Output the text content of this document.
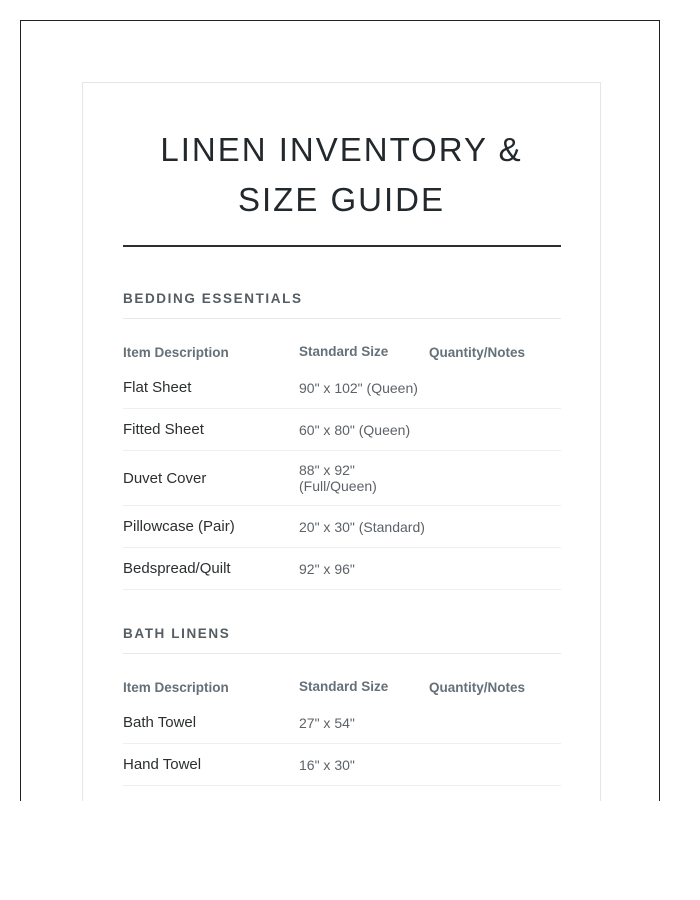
LINEN INVENTORY &
SIZE GUIDE
BEDDING ESSENTIALS
Item Description	Standard Size	Quantity/Notes
Flat Sheet	90" x 102" (Queen)
Fitted Sheet	60" x 80" (Queen)
Duvet Cover	88" x 92" (Full/Queen)
Pillowcase (Pair)	20" x 30" (Standard)
Bedspread/Quilt	92" x 96"
BATH LINENS
Item Description	Standard Size	Quantity/Notes
Bath Towel	27" x 54"
Hand Towel	16" x 30"
